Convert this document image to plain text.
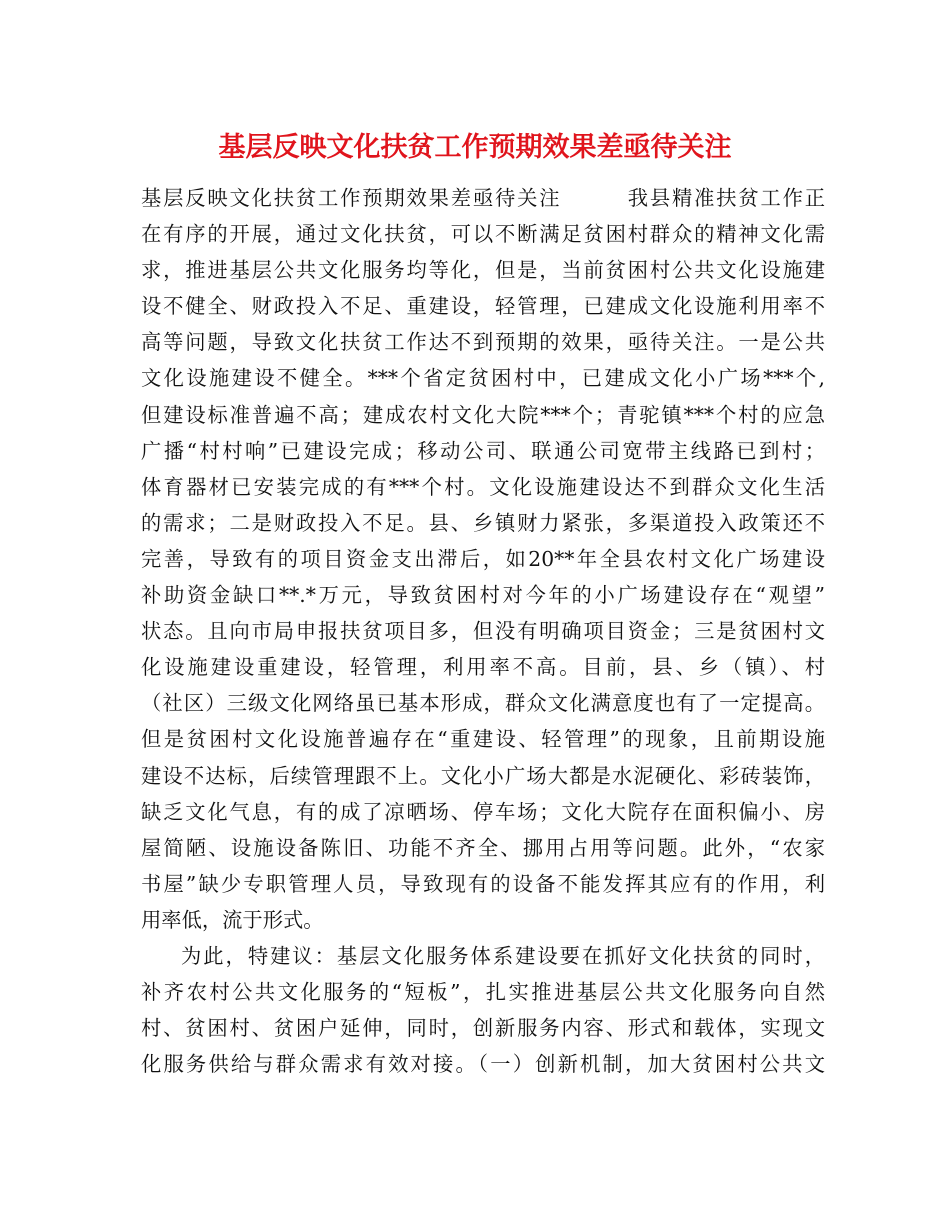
基层反映文化扶贫工作预期效果差亟待关注
基层反映文化扶贫工作预期效果差亟待关注　　　我县精准扶贫工作正
在有序的开展，通过文化扶贫，可以不断满足贫困村群众的精神文化需
求，推进基层公共文化服务均等化，但是，当前贫困村公共文化设施建
设不健全、财政投入不足、重建设，轻管理，已建成文化设施利用率不
高等问题，导致文化扶贫工作达不到预期的效果，亟待关注。一是公共
文化设施建设不健全。***个省定贫困村中，已建成文化小广场***个,
但建设标准普遍不高；建成农村文化大院***个；青驼镇***个村的应急
广播“村村响”已建设完成；移动公司、联通公司宽带主线路已到村；
体育器材已安装完成的有***个村。文化设施建设达不到群众文化生活
的需求；二是财政投入不足。县、乡镇财力紧张，多渠道投入政策还不
完善，导致有的项目资金支出滞后，如20**年全县农村文化广场建设
补助资金缺口**.*万元，导致贫困村对今年的小广场建设存在“观望”
状态。且向市局申报扶贫项目多，但没有明确项目资金；三是贫困村文
化设施建设重建设，轻管理，利用率不高。目前，县、乡（镇）、村
（社区）三级文化网络虽已基本形成，群众文化满意度也有了一定提高。
但是贫困村文化设施普遍存在“重建设、轻管理”的现象，且前期设施
建设不达标，后续管理跟不上。文化小广场大都是水泥硬化、彩砖装饰，
缺乏文化气息，有的成了凉晒场、停车场；文化大院存在面积偏小、房
屋简陋、设施设备陈旧、功能不齐全、挪用占用等问题。此外，“农家
书屋”缺少专职管理人员，导致现有的设备不能发挥其应有的作用，利
用率低，流于形式。
为此，特建议：基层文化服务体系建设要在抓好文化扶贫的同时，
补齐农村公共文化服务的“短板”，扎实推进基层公共文化服务向自然
村、贫困村、贫困户延伸，同时，创新服务内容、形式和载体，实现文
化服务供给与群众需求有效对接。（一）创新机制，加大贫困村公共文
